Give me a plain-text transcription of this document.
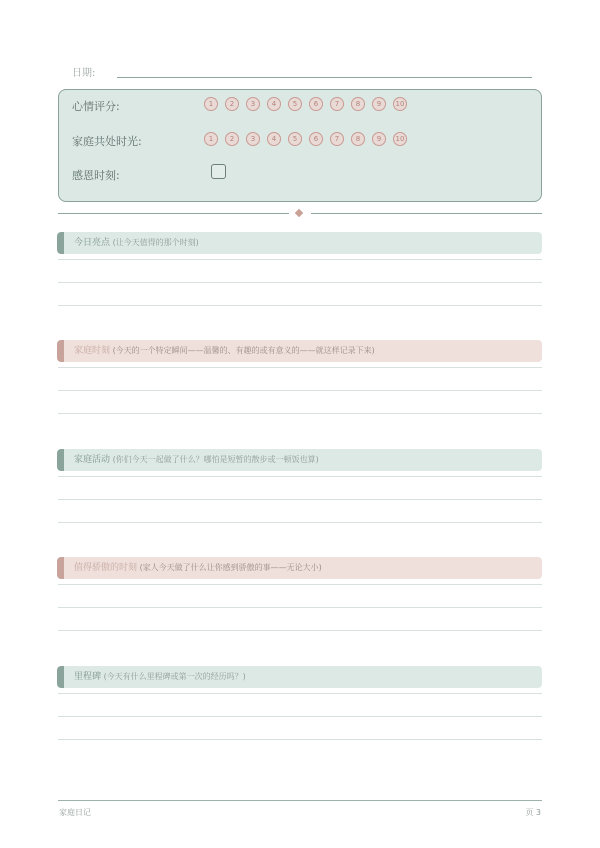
日期:
心情评分:	1	2	3	4	5	6	7	8	9	10
家庭共处时光:	1	2	3	4	5	6	7	8	9	10
感恩时刻:
今日亮点 (让今天值得的那个时刻)
家庭时刻 (今天的一个特定瞬间——温馨的、有趣的或有意义的——就这样记录下来)
家庭活动 (你们今天一起做了什么？哪怕是短暂的散步或一顿饭也算)
值得骄傲的时刻 (家人今天做了什么让你感到骄傲的事——无论大小)
里程碑 (今天有什么里程碑或第一次的经历吗？)
家庭日记	页 3
